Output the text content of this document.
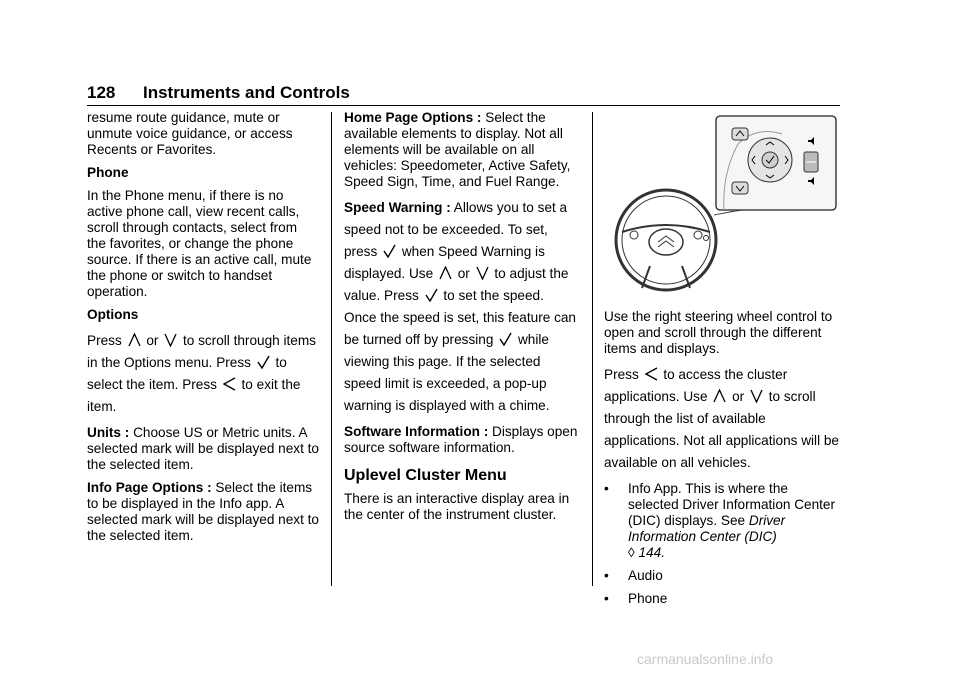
128 Instruments and Controls

resume route guidance, mute or unmute voice guidance, or access Recents or Favorites.

Phone

In the Phone menu, if there is no active phone call, view recent calls, scroll through contacts, select from the favorites, or change the phone source. If there is an active call, mute the phone or switch to handset operation.

Options

Press or to scroll through items in the Options menu. Press to select the item. Press to exit the item.

Units : Choose US or Metric units. A selected mark will be displayed next to the selected item.

Info Page Options : Select the items to be displayed in the Info app. A selected mark will be displayed next to the selected item.

Home Page Options : Select the available elements to display. Not all elements will be available on all vehicles: Speedometer, Active Safety, Speed Sign, Time, and Fuel Range.

Speed Warning : Allows you to set a speed not to be exceeded. To set, press when Speed Warning is displayed. Use or to adjust the value. Press to set the speed. Once the speed is set, this feature can be turned off by pressing while viewing this page. If the selected speed limit is exceeded, a pop-up warning is displayed with a chime.

Software Information : Displays open source software information.

Uplevel Cluster Menu

There is an interactive display area in the center of the instrument cluster.

Use the right steering wheel control to open and scroll through the different items and displays.

Press to access the cluster applications. Use or to scroll through the list of available applications. Not all applications will be available on all vehicles.

•	Info App. This is where the selected Driver Information Center (DIC) displays. See Driver Information Center (DIC)
◊ 144.
•	Audio
•	Phone
carmanualsonline.info
